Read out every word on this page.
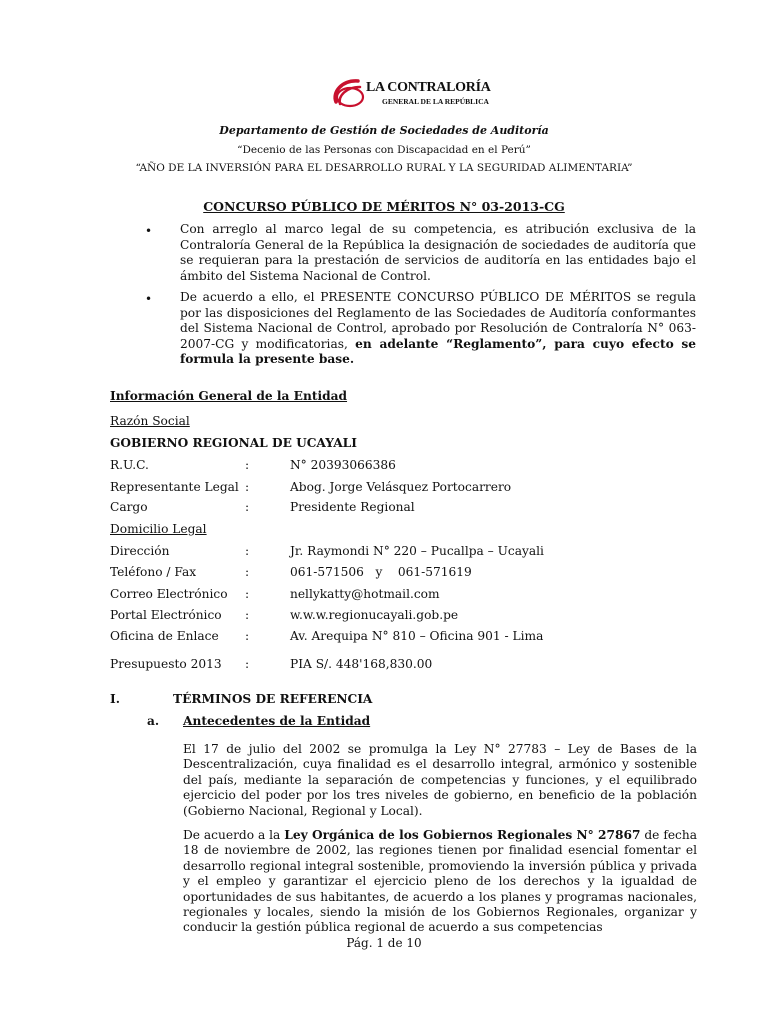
LA CONTRALORÍA
GENERAL DE LA REPÚBLICA
Departamento de Gestión de Sociedades de Auditoría
“Decenio de las Personas con Discapacidad en el Perú”
“AÑO DE LA INVERSIÓN PARA EL DESARROLLO RURAL Y LA SEGURIDAD ALIMENTARIA”
CONCURSO PÚBLICO DE MÉRITOS N° 03-2013-CG
• Con arreglo al marco legal de su competencia, es atribución exclusiva de la Contraloría General de la República la designación de sociedades de auditoría que se requieran para la prestación de servicios de auditoría en las entidades bajo el ámbito del Sistema Nacional de Control.
• De acuerdo a ello, el PRESENTE CONCURSO PÚBLICO DE MÉRITOS se regula por las disposiciones del Reglamento de las Sociedades de Auditoría conformantes del Sistema Nacional de Control, aprobado por Resolución de Contraloría N° 063-2007-CG y modificatorias, en adelante “Reglamento”, para cuyo efecto se formula la presente base.
Información General de la Entidad
Razón Social
GOBIERNO REGIONAL DE UCAYALI
R.U.C.	:	N° 20393066386
Representante Legal :	Abog. Jorge Velásquez Portocarrero
Cargo	:	Presidente Regional
Domicilio Legal
Dirección	:	Jr. Raymondi N° 220 – Pucallpa – Ucayali
Teléfono / Fax	:	061-571506   y    061-571619
Correo Electrónico :	nellykatty@hotmail.com
Portal Electrónico :	w.w.w.regionucayali.gob.pe
Oficina de Enlace :	Av. Arequipa N° 810 – Oficina 901 - Lima
Presupuesto 2013 :	PIA S/. 448'168,830.00
I.	TÉRMINOS DE REFERENCIA
a. Antecedentes de la Entidad
El 17 de julio del 2002 se promulga la Ley N° 27783 – Ley de Bases de la Descentralización, cuya finalidad es el desarrollo integral, armónico y sostenible del país, mediante la separación de competencias y funciones, y el equilibrado ejercicio del poder por los tres niveles de gobierno, en beneficio de la población (Gobierno Nacional, Regional y Local).
De acuerdo a la Ley Orgánica de los Gobiernos Regionales N° 27867 de fecha 18 de noviembre de 2002, las regiones tienen por finalidad esencial fomentar el desarrollo regional integral sostenible, promoviendo la inversión pública y privada y el empleo y garantizar el ejercicio pleno de los derechos y la igualdad de oportunidades de sus habitantes, de acuerdo a los planes y programas nacionales, regionales y locales, siendo la misión de los Gobiernos Regionales, organizar y conducir la gestión pública regional de acuerdo a sus competencias
Pág. 1 de 10
